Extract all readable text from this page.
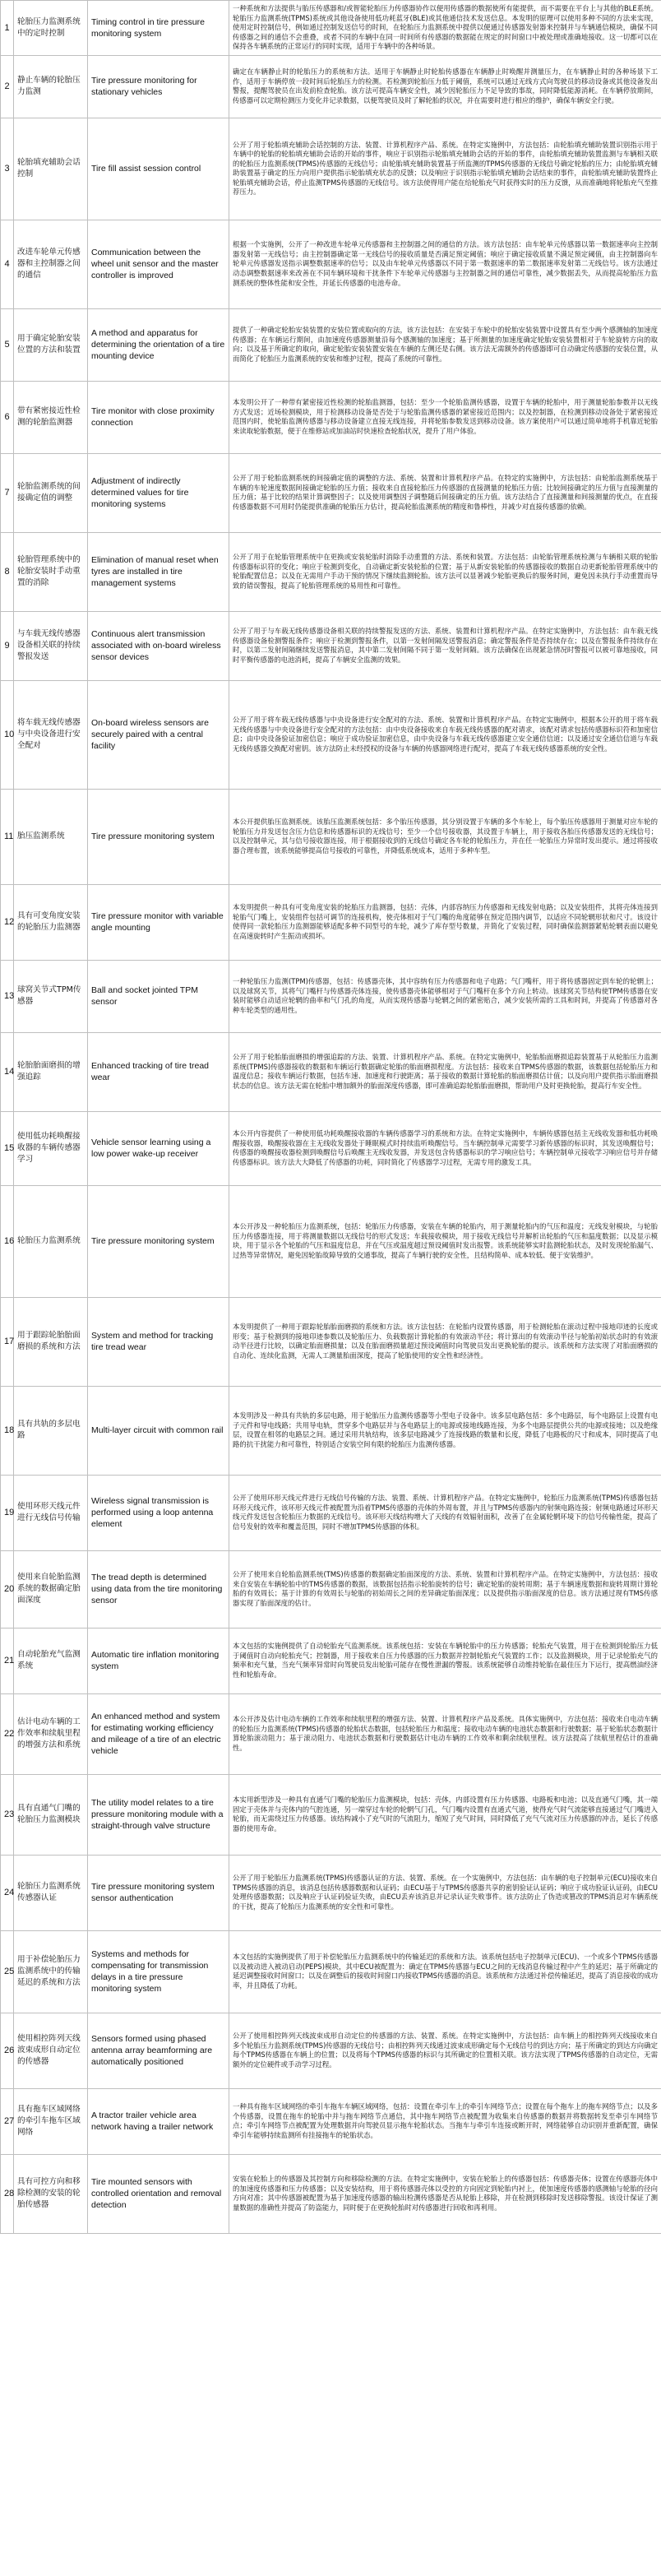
1	轮胎压力监测系统中的定时控制	Timing control in tire pressure monitoring system	一种系统和方法提供与胎压传感器和/或智能轮胎压力传感器协作以便用传感器的数据使所有能提供，而不需要在平台上与其他的BLE系统。轮胎压力监测系统(TPMS)系统或其他设备使用低功耗蓝牙(BLE)或其他通信技术发送信息。本发明的原理可以使用多种不同的方法来实现，使用定时控制信号，例如通过控制发送信号的时间，在轮胎压力监测系统中提供以便通过传感器发射器来控制并与车辆通信模块，确保不同传感器之间的通信不会重叠，或者不同的车辆中在同一时间所有传感器的数据能在规定的时间窗口中被处理或准确地接收。这一切都可以在保持各车辆系统的正常运行的同时实现，适用于车辆中的各种场景。
2	静止车辆的轮胎压力监测	Tire pressure monitoring for stationary vehicles	确定在车辆静止时的轮胎压力的系统和方法。适用于车辆静止时轮胎传感器在车辆静止时唤醒并测量压力，在车辆静止时的各种场景下工作，适用于车辆停放一段时间后轮胎压力的检测。若检测到轮胎压力低于阈值，系统可以通过无线方式向驾驶员的移动设备或其他设备发出警报，提醒驾驶员在出发前检查轮胎。该方法可提高车辆安全性，减少因轮胎压力不足导致的事故，同时降低能源消耗。在车辆停放期间，传感器可以定期检测压力变化并记录数据，以便驾驶员及时了解轮胎的状况，并在需要时进行相应的维护，确保车辆安全行驶。
3	轮胎填充辅助会话控制	Tire fill assist session control	公开了用于轮胎填充辅助会话控制的方法、装置、计算机程序产品、系统。在特定实施例中，方法包括：由轮胎填充辅助装置识别指示用于车辆中的轮胎的轮胎填充辅助会话的开始的事件，响应于识别指示轮胎填充辅助会话的开始的事件，由轮胎填充辅助装置监测与车辆相关联的轮胎压力监测系统(TPMS)传感器的无线信号；由轮胎填充辅助装置基于所监测的TPMS传感器的无线信号确定轮胎的压力；由轮胎填充辅助装置基于确定的压力向用户提供指示轮胎填充状态的反馈；以及响应于识别指示轮胎填充辅助会话结束的事件，由轮胎填充辅助装置终止轮胎填充辅助会话，停止监测TPMS传感器的无线信号。该方法使得用户能在给轮胎充气时获得实时的压力反馈，从而准确地将轮胎充气至推荐压力。
4	改进车轮单元传感器和主控制器之间的通信	Communication between the wheel unit sensor and the master controller is improved	根据一个实施例，公开了一种改进车轮单元传感器和主控制器之间的通信的方法。该方法包括：由车轮单元传感器以第一数据速率向主控制器发射第一无线信号；由主控制器确定第一无线信号的接收质量是否满足预定阈值；响应于确定接收质量不满足预定阈值，由主控制器向车轮单元传感器发送指示调整数据速率的信号；以及由车轮单元传感器以不同于第一数据速率的第二数据速率发射第二无线信号。该方法通过动态调整数据速率来改善在不同车辆环境和干扰条件下车轮单元传感器与主控制器之间的通信可靠性，减少数据丢失，从而提高轮胎压力监测系统的整体性能和安全性，并延长传感器的电池寿命。
5	用于确定轮胎安装位置的方法和装置	A method and apparatus for determining the orientation of a tire mounting device	提供了一种确定轮胎安装装置的安装位置或取向的方法，该方法包括：在安装于车轮中的轮胎安装装置中设置具有至少两个感测轴的加速度传感器；在车辆运行期间，由加速度传感器测量沿每个感测轴的加速度；基于所测量的加速度确定轮胎安装装置相对于车轮旋转方向的取向；以及基于所确定的取向，确定轮胎安装装置安装在车辆的左侧还是右侧。该方法无需额外的传感器即可自动确定传感器的安装位置，从而简化了轮胎压力监测系统的安装和维护过程，提高了系统的可靠性。
6	带有紧密接近性检测的轮胎监测器	Tire monitor with close proximity connection	本发明公开了一种带有紧密接近性检测的轮胎监测器，包括：至少一个轮胎监测传感器，设置于车辆的轮胎中，用于测量轮胎参数并以无线方式发送；近场检测模块，用于检测移动设备是否处于与轮胎监测传感器的紧密接近范围内；以及控制器，在检测到移动设备处于紧密接近范围内时，使轮胎监测传感器与移动设备建立直接无线连接，并将轮胎参数发送到移动设备。该方案使用户可以通过简单地将手机靠近轮胎来读取轮胎数据，便于在维修站或加油站时快速检查轮胎状况，提升了用户体验。
7	轮胎监测系统的间接确定值的调整	Adjustment of indirectly determined values for tire monitoring systems	公开了用于轮胎监测系统的间接确定值的调整的方法、系统、装置和计算机程序产品。在特定的实施例中，方法包括：由轮胎监测系统基于车辆的车轮速度数据间接确定轮胎的压力值；接收来自直接轮胎压力传感器的直接测量的轮胎压力值；比较间接确定的压力值与直接测量的压力值；基于比较的结果计算调整因子；以及使用调整因子调整随后间接确定的压力值。该方法结合了直接测量和间接测量的优点，在直接传感器数据不可用时仍能提供准确的轮胎压力估计，提高轮胎监测系统的精度和鲁棒性，并减少对直接传感器的依赖。
8	轮胎管理系统中的轮胎安装时手动重置的消除	Elimination of manual reset when tyres are installed in tire management systems	公开了用于在轮胎管理系统中在更换或安装轮胎时消除手动重置的方法、系统和装置。方法包括：由轮胎管理系统检测与车辆相关联的轮胎传感器标识符的变化；响应于检测到变化，自动确定新安装轮胎的位置；基于从新安装轮胎的传感器接收的数据自动更新轮胎管理系统中的轮胎配置信息；以及在无需用户手动干预的情况下继续监测轮胎。该方法可以显著减少轮胎更换后的服务时间，避免因未执行手动重置而导致的错误警报，提高了轮胎管理系统的易用性和可靠性。
9	与车载无线传感器设备相关联的持续警报发送	Continuous alert transmission associated with on-board wireless sensor devices	公开了用于与车载无线传感器设备相关联的持续警报发送的方法、系统、装置和计算机程序产品。在特定实施例中，方法包括：由车载无线传感器设备检测警报条件；响应于检测到警报条件，以第一发射间隔发送警报消息；确定警报条件是否持续存在；以及在警报条件持续存在时，以第二发射间隔继续发送警报消息，其中第二发射间隔不同于第一发射间隔。该方法确保在出现紧急情况时警报可以被可靠地接收，同时平衡传感器的电池消耗，提高了车辆安全监测的效果。
10	将车载无线传感器与中央设备进行安全配对	On-board wireless sensors are securely paired with a central facility	公开了用于将车载无线传感器与中央设备进行安全配对的方法、系统、装置和计算机程序产品。在特定实施例中，根据本公开的用于将车载无线传感器与中央设备进行安全配对的方法包括：由中央设备接收来自车载无线传感器的配对请求，该配对请求包括传感器标识符和加密信息；由中央设备验证加密信息；响应于成功验证加密信息，由中央设备与车载无线传感器建立安全通信信道；以及通过安全通信信道与车载无线传感器交换配对密钥。该方法防止未经授权的设备与车辆的传感器网络进行配对，提高了车载无线传感器系统的安全性。
11	胎压监测系统	Tire pressure monitoring system	本公开提供胎压监测系统。该胎压监测系统包括：多个胎压传感器，其分别设置于车辆的多个车轮上，每个胎压传感器用于测量对应车轮的轮胎压力并发送包含压力信息和传感器标识的无线信号；至少一个信号接收器，其设置于车辆上，用于接收各胎压传感器发送的无线信号；以及控制单元，其与信号接收器连接，用于根据接收到的无线信号确定各车轮的轮胎压力，并在任一轮胎压力异常时发出提示。通过将接收器合理布置，该系统能够提高信号接收的可靠性，并降低系统成本，适用于多种车型。
12	具有可变角度安装的轮胎压力监测器	Tire pressure monitor with variable angle mounting	本发明提供一种具有可变角度安装的轮胎压力监测器，包括：壳体，内部容纳压力传感器和无线发射电路；以及安装组件，其将壳体连接到轮胎气门嘴上，安装组件包括可调节的连接机构，使壳体相对于气门嘴的角度能够在预定范围内调节，以适应不同轮辋形状和尺寸。该设计使得同一款轮胎压力监测器能够适配多种不同型号的车轮，减少了库存型号数量，并简化了安装过程，同时确保监测器紧贴轮辋表面以避免在高速旋转时产生振动或损坏。
13	球窝关节式TPM传感器	Ball and socket jointed TPM sensor	一种轮胎压力监测(TPM)传感器，包括：传感器壳体，其中容纳有压力传感器和电子电路；气门嘴杆，用于将传感器固定到车轮的轮辋上；以及球窝关节，其将气门嘴杆与传感器壳体连接，使传感器壳体能够相对于气门嘴杆在多个方向上转动。该球窝关节结构使TPM传感器在安装时能够自动适应轮辋的曲率和气门孔的角度，从而实现传感器与轮辋之间的紧密贴合，减少安装所需的工具和时间，并提高了传感器对各种车轮类型的通用性。
14	轮胎胎面磨损的增强追踪	Enhanced tracking of tire tread wear	公开了用于轮胎胎面磨损的增强追踪的方法、装置、计算机程序产品、系统。在特定实施例中，轮胎胎面磨损追踪装置基于从轮胎压力监测系统(TPMS)传感器接收的数据和车辆运行数据确定轮胎的胎面磨损程度。方法包括：接收来自TPMS传感器的数据，该数据包括轮胎压力和温度信息；接收车辆运行数据，包括车速、加速度和行驶距离；基于接收的数据计算轮胎的胎面磨损估计值；以及向用户提供指示胎面磨损状态的信息。该方法无需在轮胎中增加额外的胎面深度传感器，即可准确追踪轮胎胎面磨损，帮助用户及时更换轮胎，提高行车安全性。
15	使用低功耗唤醒接收器的车辆传感器学习	Vehicle sensor learning using a low power wake-up receiver	本公开内容提供了一种使用低功耗唤醒接收器的车辆传感器学习的系统和方法。在特定实施例中，车辆传感器包括主无线收发器和低功耗唤醒接收器，唤醒接收器在主无线收发器处于睡眠模式时持续监听唤醒信号。当车辆控制单元需要学习新传感器的标识时，其发送唤醒信号；传感器的唤醒接收器检测到唤醒信号后唤醒主无线收发器，并发送包含传感器标识的学习响应信号；车辆控制单元接收学习响应信号并存储传感器标识。该方法大大降低了传感器的功耗，同时简化了传感器学习过程，无需专用的激发工具。
16	轮胎压力监测系统	Tire pressure monitoring system	本公开涉及一种轮胎压力监测系统，包括：轮胎压力传感器，安装在车辆的轮胎内，用于测量轮胎内的气压和温度；无线发射模块，与轮胎压力传感器连接，用于将测量数据以无线信号的形式发送；车载接收模块，用于接收无线信号并解析出轮胎的气压和温度数据；以及显示模块，用于显示各个轮胎的气压和温度信息，并在气压或温度超过预设阈值时发出报警。该系统能够实时监测轮胎状态，及时发现轮胎漏气、过热等异常情况，避免因轮胎故障导致的交通事故，提高了车辆行驶的安全性，且结构简单、成本较低、便于安装维护。
17	用于跟踪轮胎胎面磨损的系统和方法	System and method for tracking tire tread wear	本发明提供了一种用于跟踪轮胎胎面磨损的系统和方法。该方法包括：在轮胎内设置传感器，用于检测轮胎在滚动过程中接地印迹的长度或形变；基于检测到的接地印迹参数以及轮胎压力、负载数据计算轮胎的有效滚动半径；将计算出的有效滚动半径与轮胎初始状态时的有效滚动半径进行比较，以确定胎面磨损量；以及在胎面磨损量超过预设阈值时向驾驶员发出更换轮胎的提示。该系统和方法实现了对胎面磨损的自动化、连续化监测，无需人工测量胎面深度，提高了轮胎使用的安全性和经济性。
18	具有共轨的多层电路	Multi-layer circuit with common rail	本发明涉及一种具有共轨的多层电路，用于轮胎压力监测传感器等小型电子设备中。该多层电路包括：多个电路层，每个电路层上设置有电子元件和导电线路；共用导电轨，贯穿多个电路层并与各电路层上的电源或接地线路连接，为多个电路层提供公共的电源或接地；以及绝缘层，设置在相邻的电路层之间。通过采用共轨结构，该多层电路减少了连接线路的数量和长度，降低了电路板的尺寸和成本，同时提高了电路的抗干扰能力和可靠性，特别适合安装空间有限的轮胎压力监测传感器。
19	使用环形天线元件进行无线信号传输	Wireless signal transmission is performed using a loop antenna element	公开了使用环形天线元件进行无线信号传输的方法、装置、系统、计算机程序产品。在特定实施例中，轮胎压力监测系统(TPMS)传感器包括环形天线元件，该环形天线元件被配置为沿着TPMS传感器的壳体的外周布置，并且与TPMS传感器内的射频电路连接；射频电路通过环形天线元件发送包含轮胎压力数据的无线信号。该环形天线结构增大了天线的有效辐射面积，改善了在金属轮辋环境下的信号传输性能，提高了信号发射的效率和覆盖范围，同时不增加TPMS传感器的体积。
20	使用来自轮胎监测系统的数据确定胎面深度	The tread depth is determined using data from the tire monitoring sensor	公开了使用来自轮胎监测系统(TMS)传感器的数据确定胎面深度的方法、系统、装置和计算机程序产品。在特定实施例中，方法包括：接收来自安装在车辆轮胎中的TMS传感器的数据，该数据包括指示轮胎旋转的信号；确定轮胎的旋转周期；基于车辆速度数据和旋转周期计算轮胎的有效周长；基于计算的有效周长与轮胎的初始周长之间的差异确定胎面深度；以及提供指示胎面深度的信息。该方法通过现有TMS传感器实现了胎面深度的估计。
21	自动轮胎充气监测系统	Automatic tire inflation monitoring system	本文包括的实施例提供了自动轮胎充气监测系统。该系统包括：安装在车辆轮胎中的压力传感器；轮胎充气装置，用于在检测到轮胎压力低于阈值时自动向轮胎充气；控制器，用于接收来自压力传感器的压力数据并控制轮胎充气装置的工作；以及监测模块，用于记录轮胎充气的频率和充气量，当充气频率异常时向驾驶员发出轮胎可能存在慢性泄漏的警报。该系统能够自动维持轮胎在最佳压力下运行，提高燃油经济性和轮胎寿命。
22	估计电动车辆的工作效率和续航里程的增强方法和系统	An enhanced method and system for estimating working efficiency and mileage of a tire of an electric vehicle	本公开涉及估计电动车辆的工作效率和续航里程的增强方法、装置、计算机程序产品及系统。具体实施例中，方法包括：接收来自电动车辆的轮胎压力监测系统(TPMS)传感器的轮胎状态数据，包括轮胎压力和温度；接收电动车辆的电池状态数据和行驶数据；基于轮胎状态数据计算轮胎滚动阻力；基于滚动阻力、电池状态数据和行驶数据估计电动车辆的工作效率和剩余续航里程。该方法提高了续航里程估计的准确性。
23	具有直通气门嘴的轮胎压力监测模块	The utility model relates to a tire pressure monitoring module with a straight-through valve structure	本实用新型涉及一种具有直通气门嘴的轮胎压力监测模块，包括：壳体，内部设置有压力传感器、电路板和电池；以及直通气门嘴，其一端固定于壳体并与壳体内的气腔连通，另一端穿过车轮的轮辋气门孔，气门嘴内设置有直通式气道，使得充气时气流能够直接通过气门嘴进入轮胎，而无需绕过压力传感器。该结构减小了充气时的气流阻力，缩短了充气时间，同时降低了充气气流对压力传感器的冲击，延长了传感器的使用寿命。
24	轮胎压力监测系统传感器认证	Tire pressure monitoring system sensor authentication	公开了用于轮胎压力监测系统(TPMS)传感器认证的方法、装置、系统。在一个实施例中，方法包括：由车辆的电子控制单元(ECU)接收来自TPMS传感器的消息，该消息包括传感器数据和认证码；由ECU基于与TPMS传感器共享的密钥验证认证码；响应于成功验证认证码，由ECU处理传感器数据；以及响应于认证码验证失败，由ECU丢弃该消息并记录认证失败事件。该方法防止了伪造或篡改的TPMS消息对车辆系统的干扰，提高了轮胎压力监测系统的安全性和可靠性。
25	用于补偿轮胎压力监测系统中的传输延迟的系统和方法	Systems and methods for compensating for transmission delays in a tire pressure monitoring system	本文包括的实施例提供了用于补偿轮胎压力监测系统中的传输延迟的系统和方法。该系统包括电子控制单元(ECU)、一个或多个TPMS传感器以及被动进入被动启动(PEPS)模块，其中ECU被配置为：确定在TPMS传感器与ECU之间的无线消息传输过程中产生的延迟；基于所确定的延迟调整接收时间窗口；以及在调整后的接收时间窗口内接收TPMS传感器的消息。该系统和方法通过补偿传输延迟，提高了消息接收的成功率，并且降低了功耗。
26	使用相控阵列天线波束成形自动定位的传感器	Sensors formed using phased antenna array beamforming are automatically positioned	公开了使用相控阵列天线波束成形自动定位的传感器的方法、装置、系统。在特定实施例中，方法包括：由车辆上的相控阵列天线接收来自多个轮胎压力监测系统(TPMS)传感器的无线信号；由相控阵列天线通过波束成形确定每个无线信号的到达方向；基于所确定的到达方向确定每个TPMS传感器在车辆上的位置；以及将每个TPMS传感器的标识与其所确定的位置相关联。该方法实现了TPMS传感器的自动定位，无需额外的定位硬件或手动学习过程。
27	具有拖车区域网络的牵引车拖车区域网络	A tractor trailer vehicle area network having a trailer network	一种具有拖车区域网络的牵引车拖车车辆区域网络，包括：设置在牵引车上的牵引车网络节点；设置在每个拖车上的拖车网络节点；以及多个传感器，设置在拖车的轮胎中并与拖车网络节点通信，其中拖车网络节点被配置为收集来自传感器的数据并将数据转发至牵引车网络节点；牵引车网络节点被配置为处理数据并向驾驶员显示拖车轮胎状态。当拖车与牵引车连接或断开时，网络能够自动识别并重新配置，确保牵引车能够持续监测所有挂接拖车的轮胎状态。
28	具有可控方向和移除检测的安装的轮胎传感器	Tire mounted sensors with controlled orientation and removal detection	安装在轮胎上的传感器及其控制方向和移除检测的方法。在特定实施例中，安装在轮胎上的传感器包括：传感器壳体；设置在传感器壳体中的加速度传感器和压力传感器；以及安装结构，用于将传感器壳体以受控的方向固定到轮胎内衬上，使加速度传感器的感测轴与轮胎的径向方向对准；其中传感器被配置为基于加速度传感器的输出检测传感器是否从轮胎上移除，并在检测到移除时发送移除警报。该设计保证了测量数据的准确性并提高了防盗能力，同时便于在更换轮胎时对传感器进行回收和再利用。
